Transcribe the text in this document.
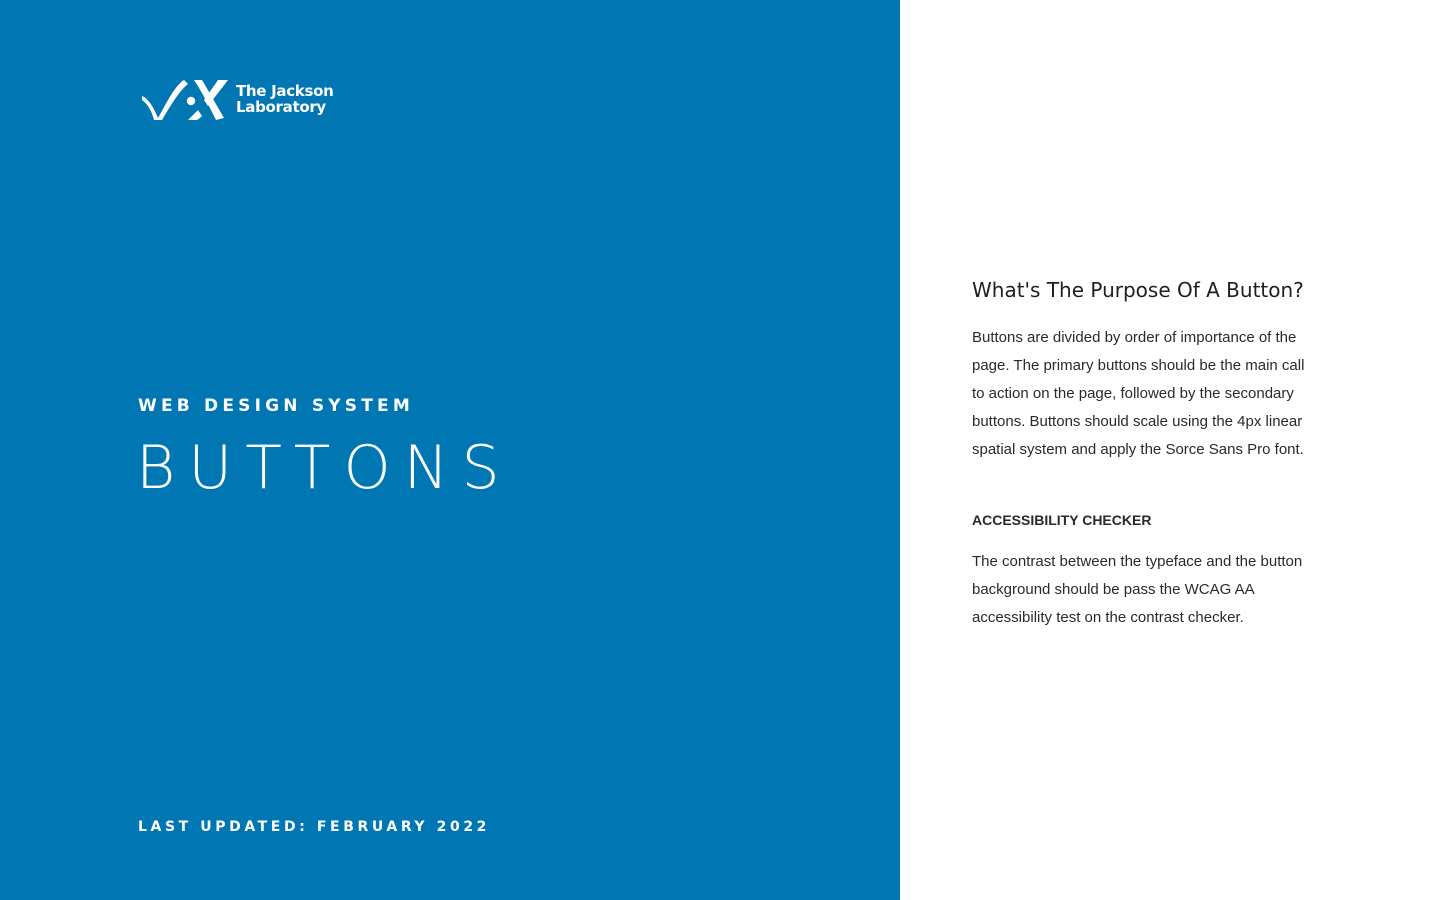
The Jackson
Laboratory
WEB DESIGN SYSTEM
BUTTONS
LAST UPDATED: FEBRUARY 2022
What's The Purpose Of A Button?

Buttons are divided by order of importance of the page. The primary buttons should be the main call to action on the page, followed by the secondary buttons. Buttons should scale using the 4px linear spatial system and apply the Sorce Sans Pro font.

ACCESSIBILITY CHECKER

The contrast between the typeface and the button background should be pass the WCAG AA accessibility test on the contrast checker.
